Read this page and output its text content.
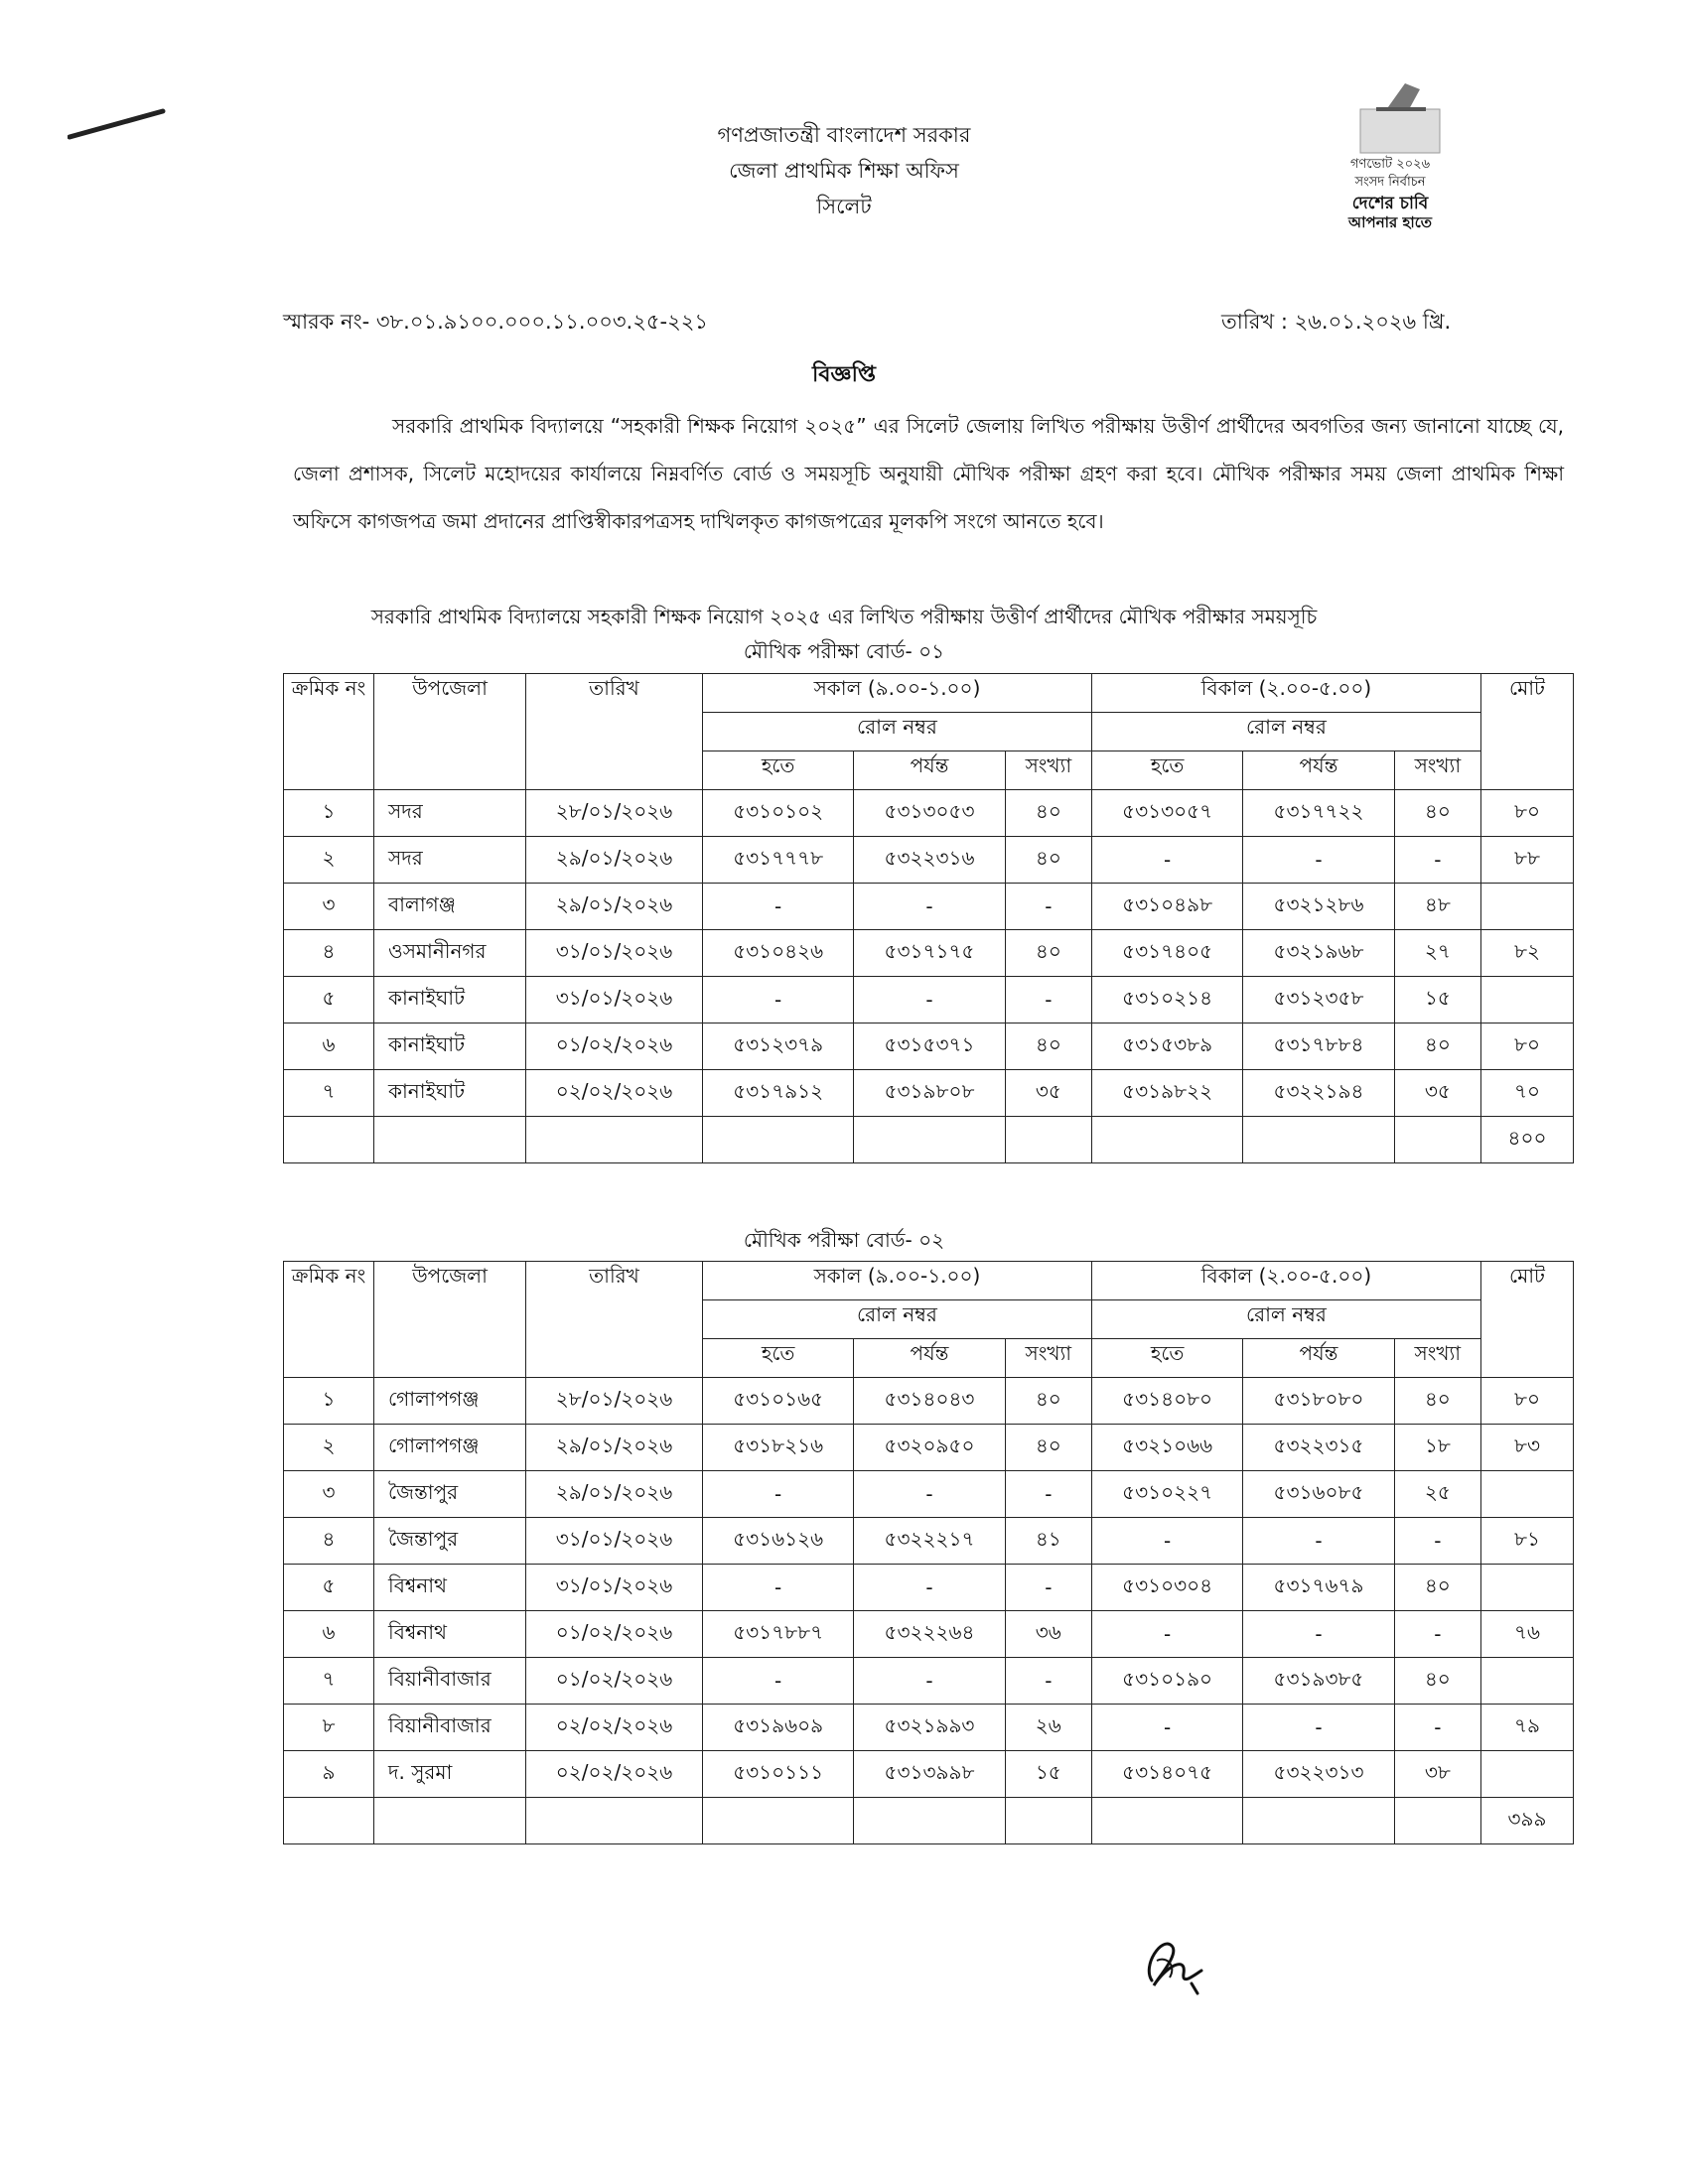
গণপ্রজাতন্ত্রী বাংলাদেশ সরকার
জেলা প্রাথমিক শিক্ষা অফিস
সিলেট
গণভোট ২০২৬
সংসদ নির্বাচন
দেশের চাবি
আপনার হাতে
স্মারক নং- ৩৮.০১.৯১০০.০০০.১১.০০৩.২৫-২২১	তারিখ : ২৬.০১.২০২৬ খ্রি.
বিজ্ঞপ্তি
সরকারি প্রাথমিক বিদ্যালয়ে “সহকারী শিক্ষক নিয়োগ ২০২৫” এর সিলেট জেলায় লিখিত পরীক্ষায় উত্তীর্ণ প্রার্থীদের অবগতির জন্য জানানো যাচ্ছে যে, জেলা প্রশাসক, সিলেট মহোদয়ের কার্যালয়ে নিম্নবর্ণিত বোর্ড ও সময়সূচি অনুযায়ী মৌখিক পরীক্ষা গ্রহণ করা হবে। মৌখিক পরীক্ষার সময় জেলা প্রাথমিক শিক্ষা অফিসে কাগজপত্র জমা প্রদানের প্রাপ্তিস্বীকারপত্রসহ দাখিলকৃত কাগজপত্রের মূলকপি সংগে আনতে হবে।
সরকারি প্রাথমিক বিদ্যালয়ে সহকারী শিক্ষক নিয়োগ ২০২৫ এর লিখিত পরীক্ষায় উত্তীর্ণ প্রার্থীদের মৌখিক পরীক্ষার সময়সূচি
মৌখিক পরীক্ষা বোর্ড- ০১
ক্রমিক নং	উপজেলা	তারিখ	সকাল (৯.০০-১.০০)			বিকাল (২.০০-৫.০০)			মোট
			রোল নম্বর			রোল নম্বর			
			হতে	পর্যন্ত	সংখ্যা	হতে	পর্যন্ত	সংখ্যা	
১	সদর	২৮/০১/২০২৬	৫৩১০১০২	৫৩১৩০৫৩	৪০	৫৩১৩০৫৭	৫৩১৭৭২২	৪০	৮০
২	সদর	২৯/০১/২০২৬	৫৩১৭৭৭৮	৫৩২২৩১৬	৪০	-	-	-	৮৮
৩	বালাগঞ্জ	২৯/০১/২০২৬	-	-	-	৫৩১০৪৯৮	৫৩২১২৮৬	৪৮	
৪	ওসমানীনগর	৩১/০১/২০২৬	৫৩১০৪২৬	৫৩১৭১৭৫	৪০	৫৩১৭৪০৫	৫৩২১৯৬৮	২৭	৮২
৫	কানাইঘাট	৩১/০১/২০২৬	-	-	-	৫৩১০২১৪	৫৩১২৩৫৮	১৫	
৬	কানাইঘাট	০১/০২/২০২৬	৫৩১২৩৭৯	৫৩১৫৩৭১	৪০	৫৩১৫৩৮৯	৫৩১৭৮৮৪	৪০	৮০
৭	কানাইঘাট	০২/০২/২০২৬	৫৩১৭৯১২	৫৩১৯৮০৮	৩৫	৫৩১৯৮২২	৫৩২২১৯৪	৩৫	৭০
									৪০০
মৌখিক পরীক্ষা বোর্ড- ০২
ক্রমিক নং	উপজেলা	তারিখ	সকাল (৯.০০-১.০০)			বিকাল (২.০০-৫.০০)			মোট
			রোল নম্বর			রোল নম্বর			
			হতে	পর্যন্ত	সংখ্যা	হতে	পর্যন্ত	সংখ্যা	
১	গোলাপগঞ্জ	২৮/০১/২০২৬	৫৩১০১৬৫	৫৩১৪০৪৩	৪০	৫৩১৪০৮০	৫৩১৮০৮০	৪০	৮০
২	গোলাপগঞ্জ	২৯/০১/২০২৬	৫৩১৮২১৬	৫৩২০৯৫০	৪০	৫৩২১০৬৬	৫৩২২৩১৫	১৮	৮৩
৩	জৈন্তাপুর	২৯/০১/২০২৬	-	-	-	৫৩১০২২৭	৫৩১৬০৮৫	২৫	
৪	জৈন্তাপুর	৩১/০১/২০২৬	৫৩১৬১২৬	৫৩২২২১৭	৪১	-	-	-	৮১
৫	বিশ্বনাথ	৩১/০১/২০২৬	-	-	-	৫৩১০৩০৪	৫৩১৭৬৭৯	৪০	
৬	বিশ্বনাথ	০১/০২/২০২৬	৫৩১৭৮৮৭	৫৩২২২৬৪	৩৬	-	-	-	৭৬
৭	বিয়ানীবাজার	০১/০২/২০২৬	-	-	-	৫৩১০১৯০	৫৩১৯৩৮৫	৪০	
৮	বিয়ানীবাজার	০২/০২/২০২৬	৫৩১৯৬০৯	৫৩২১৯৯৩	২৬	-	-	-	৭৯
৯	দ. সুরমা	০২/০২/২০২৬	৫৩১০১১১	৫৩১৩৯৯৮	১৫	৫৩১৪০৭৫	৫৩২২৩১৩	৩৮	
									৩৯৯
